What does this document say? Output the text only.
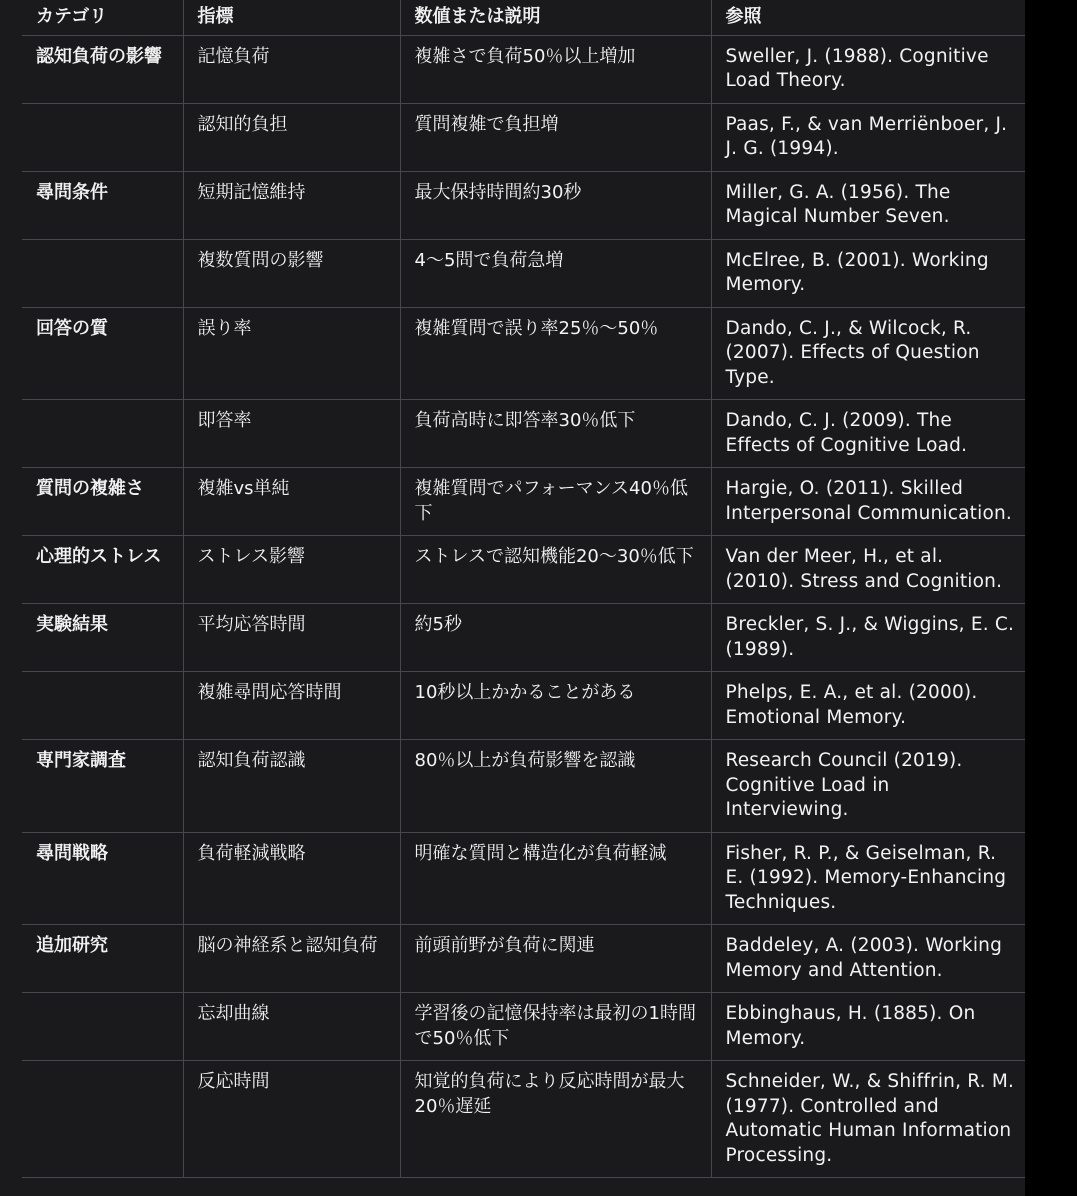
カテゴリ	指標	数値または説明	参照
認知負荷の影響	記憶負荷	複雑さで負荷50％以上増加	Sweller, J. (1988). Cognitive Load Theory.
	認知的負担	質問複雑で負担増	Paas, F., & van Merriënboer, J. J. G. (1994).
尋問条件	短期記憶維持	最大保持時間約30秒	Miller, G. A. (1956). The Magical Number Seven.
	複数質問の影響	4〜5問で負荷急増	McElree, B. (2001). Working Memory.
回答の質	誤り率	複雑質問で誤り率25％〜50％	Dando, C. J., & Wilcock, R. (2007). Effects of Question Type.
	即答率	負荷高時に即答率30％低下	Dando, C. J. (2009). The Effects of Cognitive Load.
質問の複雑さ	複雑vs単純	複雑質問でパフォーマンス40％低下	Hargie, O. (2011). Skilled Interpersonal Communication.
心理的ストレス	ストレス影響	ストレスで認知機能20〜30％低下	Van der Meer, H., et al. (2010). Stress and Cognition.
実験結果	平均応答時間	約5秒	Breckler, S. J., & Wiggins, E. C. (1989).
	複雑尋問応答時間	10秒以上かかることがある	Phelps, E. A., et al. (2000). Emotional Memory.
専門家調査	認知負荷認識	80％以上が負荷影響を認識	Research Council (2019). Cognitive Load in Interviewing.
尋問戦略	負荷軽減戦略	明確な質問と構造化が負荷軽減	Fisher, R. P., & Geiselman, R. E. (1992). Memory-Enhancing Techniques.
追加研究	脳の神経系と認知負荷	前頭前野が負荷に関連	Baddeley, A. (2003). Working Memory and Attention.
	忘却曲線	学習後の記憶保持率は最初の1時間で50％低下	Ebbinghaus, H. (1885). On Memory.
	反応時間	知覚的負荷により反応時間が最大20％遅延	Schneider, W., & Shiffrin, R. M. (1977). Controlled and Automatic Human Information Processing.
